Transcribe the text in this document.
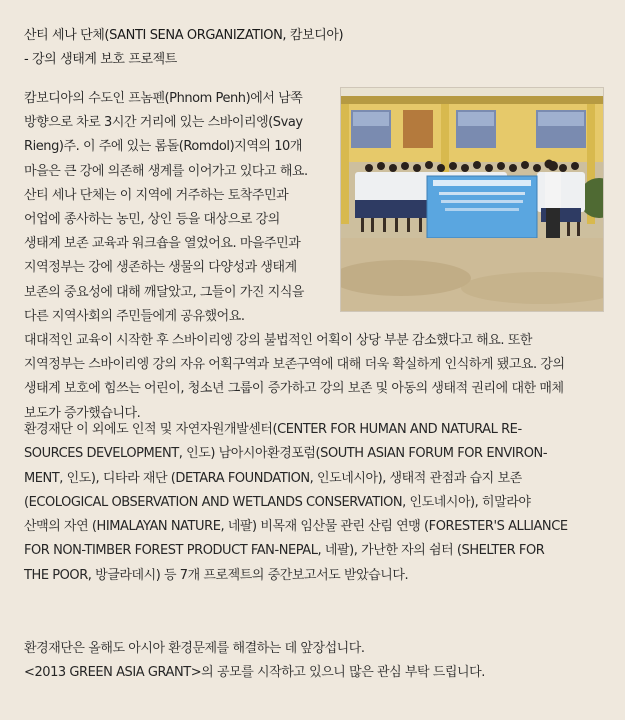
산티 세나 단체(SANTI SENA ORGANIZATION, 캄보디아)
- 강의 생태계 보호 프로젝트
캄보디아의 수도인 프놈펜(Phnom Penh)에서 남쪽
방향으로 차로 3시간 거리에 있는 스바이리엥(Svay
Rieng)주. 이 주에 있는 롬돌(Romdol)지역의 10개
마을은 큰 강에 의존해 생계를 이어가고 있다고 해요.
산티 세나 단체는 이 지역에 거주하는 토착주민과
어업에 종사하는 농민, 상인 등을 대상으로 강의
생태계 보존 교육과 워크숍을 열었어요. 마을주민과
지역정부는 강에 생존하는 생물의 다양성과 생태계
보존의 중요성에 대해 깨달았고, 그들이 가진 지식을
다른 지역사회의 주민들에게 공유했어요.
대대적인 교육이 시작한 후 스바이리엥 강의 불법적인 어획이 상당 부분 감소했다고 해요. 또한
지역정부는 스바이리엥 강의 자유 어획구역과 보존구역에 대해 더욱 확실하게 인식하게 됐고요. 강의
생태계 보호에 힘쓰는 어린이, 청소년 그룹이 증가하고 강의 보존 및 아동의 생태적 권리에 대한 매체
보도가 증가했습니다.
환경재단 이 외에도 인적 및 자연자원개발센터(CENTER FOR HUMAN AND NATURAL RE-
SOURCES DEVELOPMENT, 인도) 남아시아환경포럼(SOUTH ASIAN FORUM FOR ENVIRON-
MENT, 인도), 디타라 재단 (DETARA FOUNDATION, 인도네시아), 생태적 관점과 습지 보존
(ECOLOGICAL OBSERVATION AND WETLANDS CONSERVATION, 인도네시아), 히말라야
산맥의 자연 (HIMALAYAN NATURE, 네팔) 비목재 임산물 관린 산림 연맹 (FORESTER'S ALLIANCE
FOR NON-TIMBER FOREST PRODUCT FAN-NEPAL, 네팔), 가난한 자의 쉼터 (SHELTER FOR
THE POOR, 방글라데시) 등 7개 프로젝트의 중간보고서도 받았습니다.
환경재단은 올해도 아시아 환경문제를 해결하는 데 앞장섭니다.
<2013 GREEN ASIA GRANT>의 공모를 시작하고 있으니 많은 관심 부탁 드립니다.
